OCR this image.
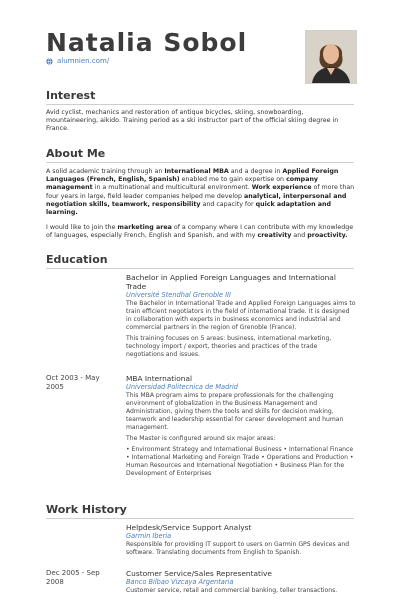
Natalia Sobol
alumnien.com/
Interest

Avid cyclist, mechanics and restoration of antique bicycles, skiing, snowboarding, mountaineering, aikido. Training period as a ski instructor part of the official skiing degree in France.

About Me

A solid academic training through an International MBA and a degree in Applied Foreign Languages (French, English, Spanish) enabled me to gain expertise on company management in a multinational and multicultural environment. Work experience of more than four years in large, field leader companies helped me develop analytical, interpersonal and negotiation skills, teamwork, responsibility and capacity for quick adaptation and learning.

I would like to join the marketing area of a company where I can contribute with my knowledge of languages, especially French, English and Spanish, and with my creativity and proactivity.

Education

Bachelor in Applied Foreign Languages and International Trade

Université Stendhal Grenoble III

The Bachelor in International Trade and Applied Foreign Languages aims to train efficient negotiators in the field of international trade. It is designed in collaboration with experts in business economics and industrial and commercial partners in the region of Grenoble (France).

This training focuses on 5 areas: business, international marketing, technology import / export, theories and practices of the trade negotiations and issues.

Oct 2003 - May 2005

MBA International

Universidad Politecnica de Madrid

This MBA program aims to prepare professionals for the challenging environment of globalization in the Business Management and Administration, giving them the tools and skills for decision making, teamwork and leadership essential for career development and human management.

The Master is configured around six major areas:

• Environment Strategy and International Business • International Finance • International Marketing and Foreign Trade • Operations and Production • Human Resources and International Negotiation • Business Plan for the Development of Enterprises

Work History

Helpdesk/Service Support Analyst

Garmin Iberia

Responsible for providing IT support to users on Garmin GPS devices and software. Translating documents from English to Spanish.

Dec 2005 - Sep 2008

Customer Service/Sales Representative

Banco Bilbao Vizcaya Argentaria

Customer service, retail and commercial banking, teller transactions.
